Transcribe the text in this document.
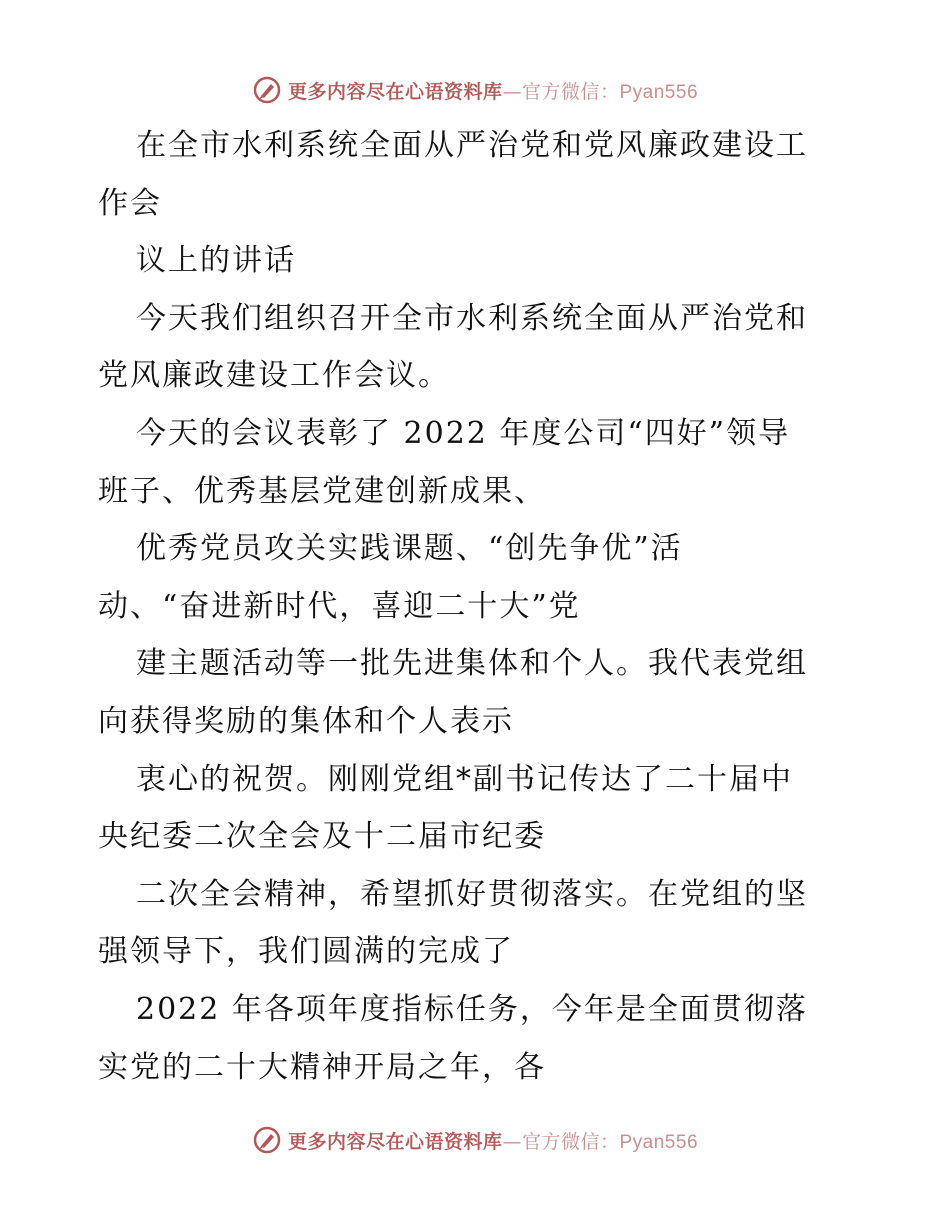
更多内容尽在心语资料库—官方微信：Pyan556
在全市水利系统全面从严治党和党风廉政建设工
作会
议上的讲话
今天我们组织召开全市水利系统全面从严治党和
党风廉政建设工作会议。
今天的会议表彰了 2022 年度公司“四好”领导
班子、优秀基层党建创新成果、
优秀党员攻关实践课题、“创先争优”活
动、“奋进新时代，喜迎二十大”党
建主题活动等一批先进集体和个人。我代表党组
向获得奖励的集体和个人表示
衷心的祝贺。刚刚党组*副书记传达了二十届中
央纪委二次全会及十二届市纪委
二次全会精神，希望抓好贯彻落实。在党组的坚
强领导下，我们圆满的完成了
2022 年各项年度指标任务，今年是全面贯彻落
实党的二十大精神开局之年，各
更多内容尽在心语资料库—官方微信：Pyan556
